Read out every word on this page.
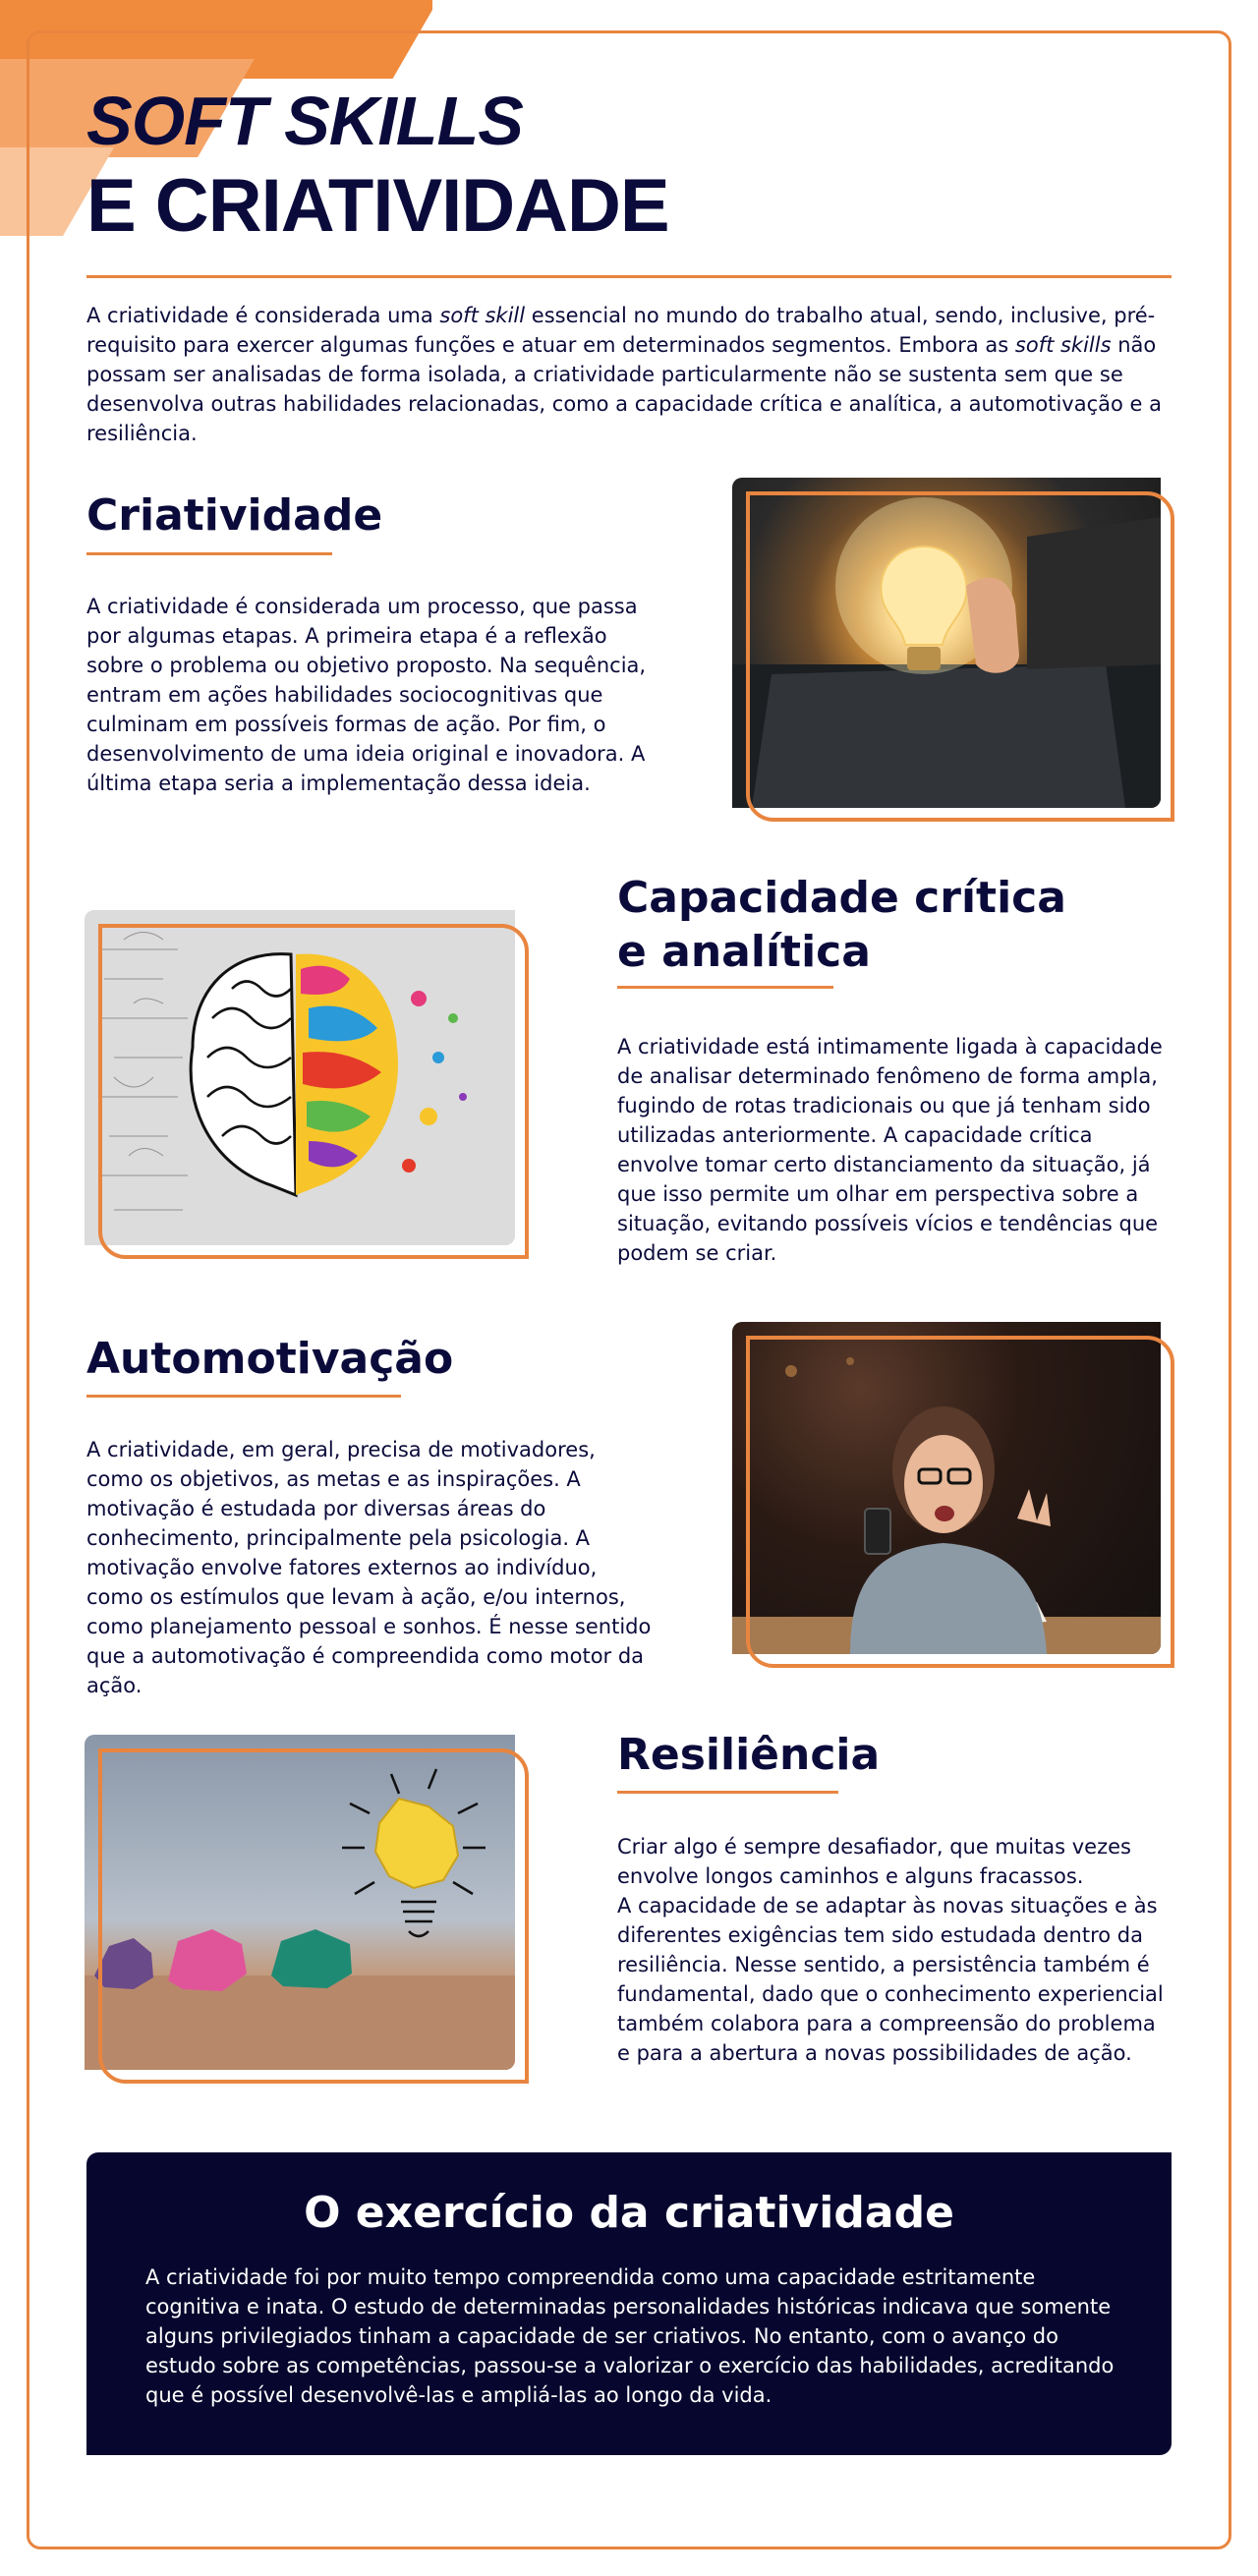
SOFT SKILLS
E CRIATIVIDADE

A criatividade é considerada uma soft skill essencial no mundo do trabalho atual, sendo, inclusive, pré-requisito para exercer algumas funções e atuar em determinados segmentos. Embora as soft skills não possam ser analisadas de forma isolada, a criatividade particularmente não se sustenta sem que se desenvolva outras habilidades relacionadas, como a capacidade crítica e analítica, a automotivação e a resiliência.

Criatividade

A criatividade é considerada um processo, que passa por algumas etapas. A primeira etapa é a reflexão sobre o problema ou objetivo proposto. Na sequência, entram em ações habilidades sociocognitivas que culminam em possíveis formas de ação. Por fim, o desenvolvimento de uma ideia original e inovadora. A última etapa seria a implementação dessa ideia.

Capacidade crítica
e analítica

A criatividade está intimamente ligada à capacidade de analisar determinado fenômeno de forma ampla, fugindo de rotas tradicionais ou que já tenham sido utilizadas anteriormente. A capacidade crítica envolve tomar certo distanciamento da situação, já que isso permite um olhar em perspectiva sobre a situação, evitando possíveis vícios e tendências que podem se criar.

Automotivação

A criatividade, em geral, precisa de motivadores, como os objetivos, as metas e as inspirações. A motivação é estudada por diversas áreas do conhecimento, principalmente pela psicologia. A motivação envolve fatores externos ao indivíduo, como os estímulos que levam à ação, e/ou internos, como planejamento pessoal e sonhos. É nesse sentido que a automotivação é compreendida como motor da ação.

Resiliência

Criar algo é sempre desafiador, que muitas vezes envolve longos caminhos e alguns fracassos.
A capacidade de se adaptar às novas situações e às diferentes exigências tem sido estudada dentro da resiliência. Nesse sentido, a persistência também é fundamental, dado que o conhecimento experiencial também colabora para a compreensão do problema e para a abertura a novas possibilidades de ação.

O exercício da criatividade

A criatividade foi por muito tempo compreendida como uma capacidade estritamente cognitiva e inata. O estudo de determinadas personalidades históricas indicava que somente alguns privilegiados tinham a capacidade de ser criativos. No entanto, com o avanço do estudo sobre as competências, passou-se a valorizar o exercício das habilidades, acreditando que é possível desenvolvê-las e ampliá-las ao longo da vida.
